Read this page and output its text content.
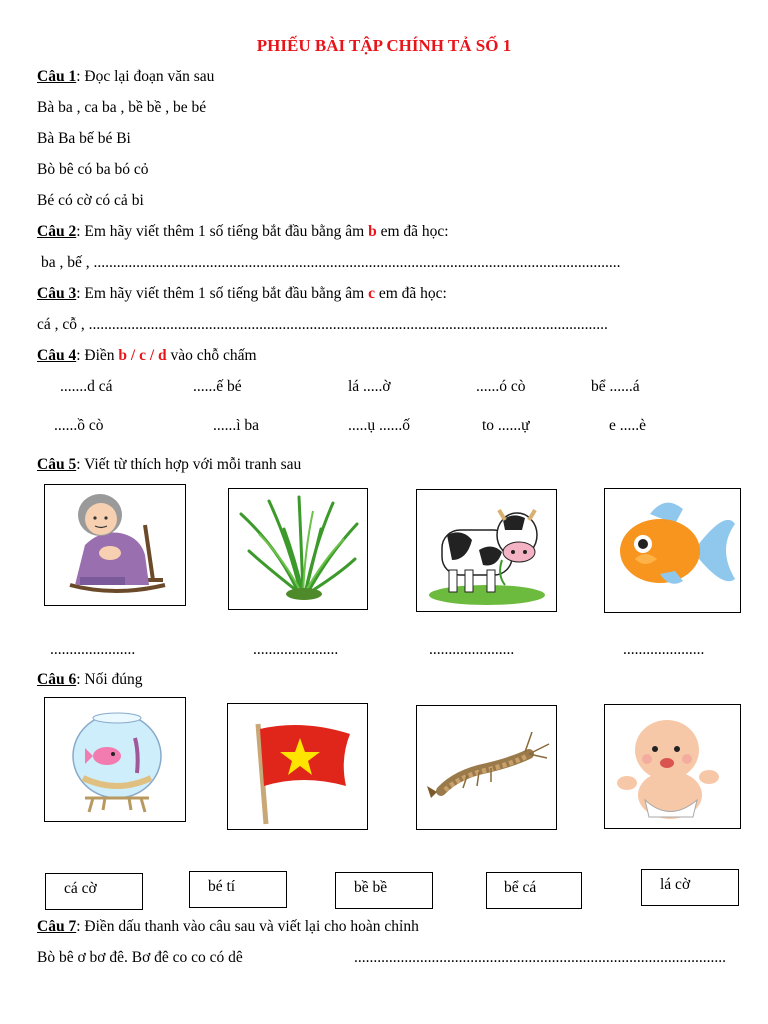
PHIẾU BÀI TẬP CHÍNH TẢ SỐ 1
Câu 1: Đọc lại đoạn văn sau
Bà ba , ca ba , bề bề , be bé
Bà Ba bế bé Bi
Bò bê có ba bó cỏ
Bé có cờ có cả bi
Câu 2: Em hãy viết thêm 1 số tiếng bắt đầu bằng âm b em đã học:
ba , bế , ........................................................................................................................................
Câu 3: Em hãy viết thêm 1 số tiếng bắt đầu bằng âm c em đã học:
cá , cỗ , ......................................................................................................................................
Câu 4: Điền b / c / d vào chỗ chấm
.......d cá	......ế bé	lá .....ờ	......ó cò	bể ......á
......ồ cò	......ì ba	.....ụ ......ố	to ......ự	e .....è
Câu 5: Viết từ thích hợp với mỗi tranh sau
......................	......................	......................	.....................
Câu 6: Nối đúng
cá cờ	bé tí	bề bề	bể cá	lá cờ
Câu 7: Điền dấu thanh vào câu sau và viết lại cho hoàn chỉnh
Bò bê ơ bơ đê. Bơ đê co co có dê	................................................................................................
